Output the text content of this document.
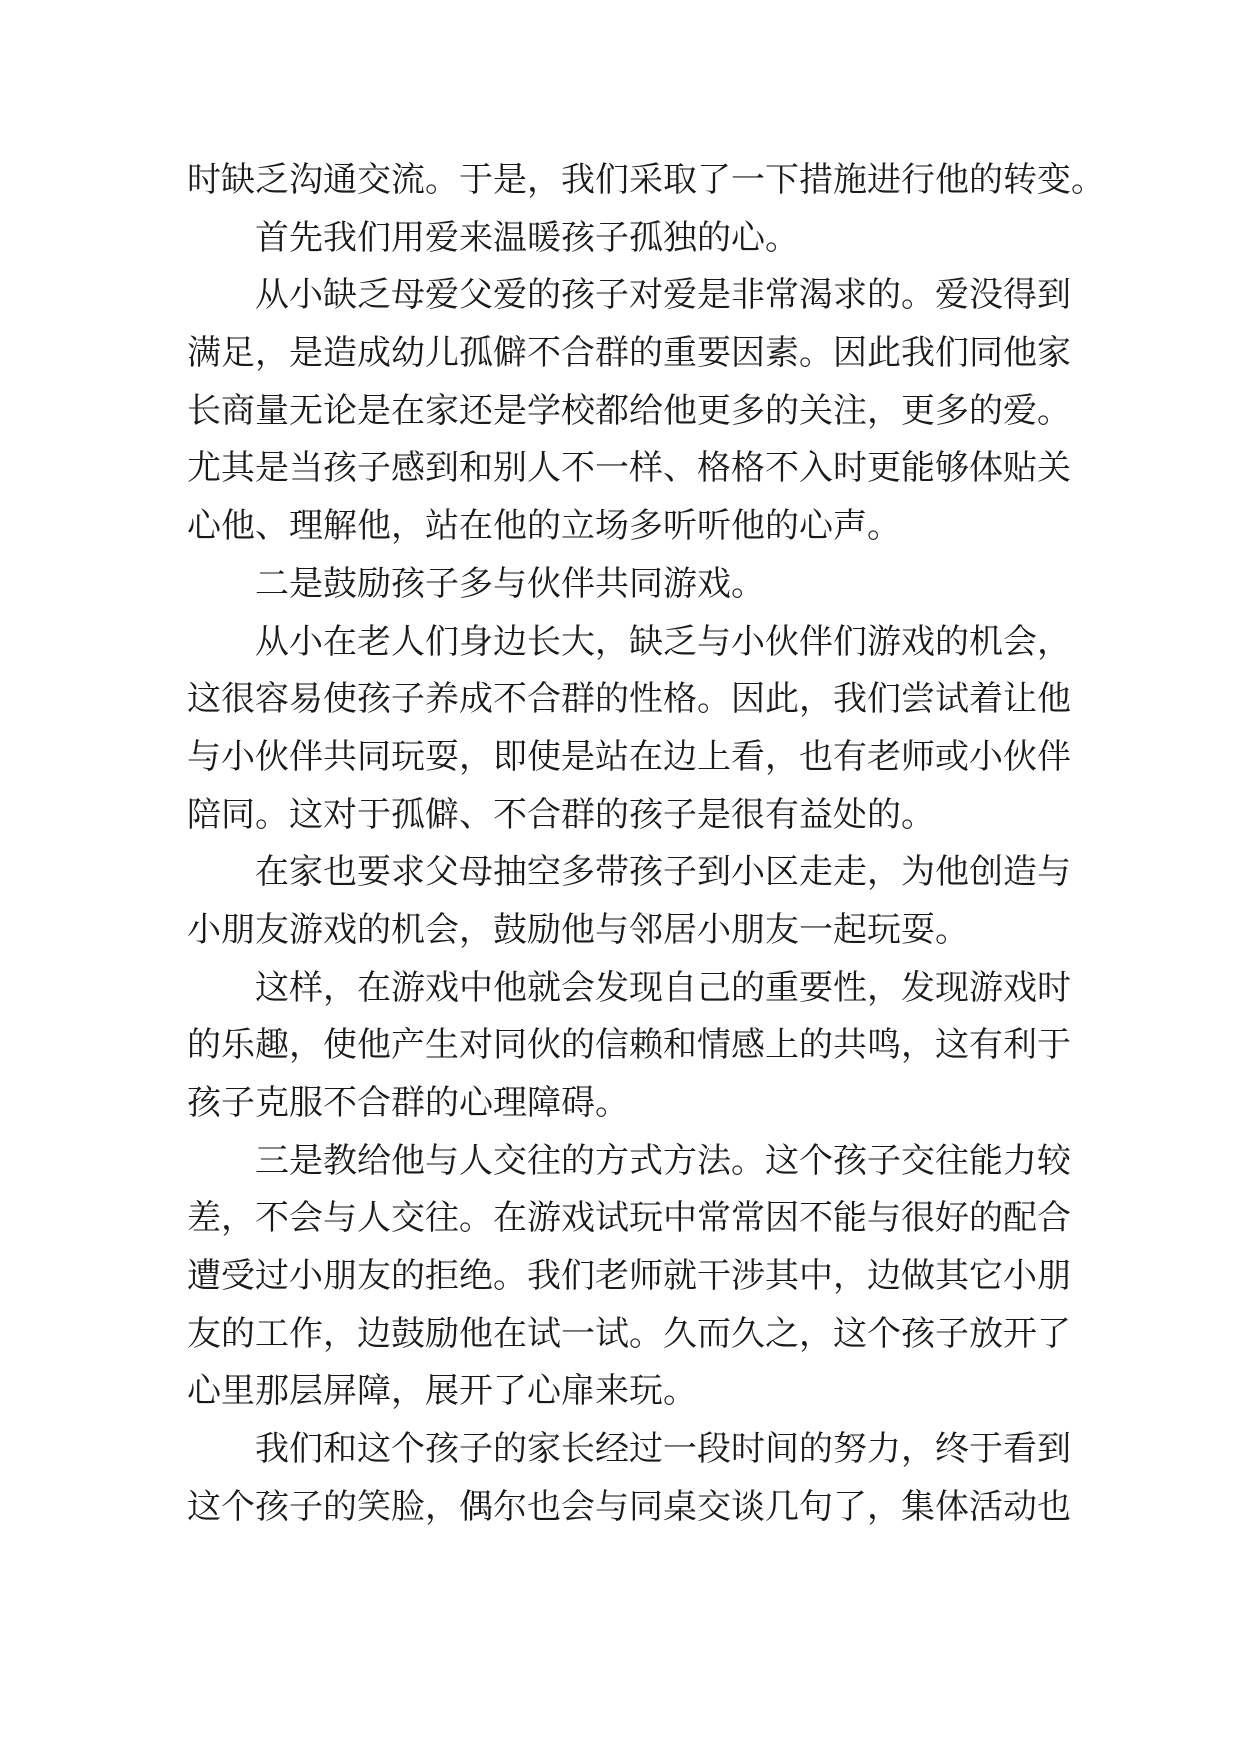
时缺乏沟通交流。于是，我们采取了一下措施进行他的转变。
首先我们用爱来温暖孩子孤独的心。
从小缺乏母爱父爱的孩子对爱是非常渴求的。爱没得到
满足，是造成幼儿孤僻不合群的重要因素。因此我们同他家
长商量无论是在家还是学校都给他更多的关注，更多的爱。
尤其是当孩子感到和别人不一样、格格不入时更能够体贴关
心他、理解他，站在他的立场多听听他的心声。
二是鼓励孩子多与伙伴共同游戏。
从小在老人们身边长大，缺乏与小伙伴们游戏的机会，
这很容易使孩子养成不合群的性格。因此，我们尝试着让他
与小伙伴共同玩耍，即使是站在边上看，也有老师或小伙伴
陪同。这对于孤僻、不合群的孩子是很有益处的。
在家也要求父母抽空多带孩子到小区走走，为他创造与
小朋友游戏的机会，鼓励他与邻居小朋友一起玩耍。
这样，在游戏中他就会发现自己的重要性，发现游戏时
的乐趣，使他产生对同伙的信赖和情感上的共鸣，这有利于
孩子克服不合群的心理障碍。
三是教给他与人交往的方式方法。这个孩子交往能力较
差，不会与人交往。在游戏试玩中常常因不能与很好的配合
遭受过小朋友的拒绝。我们老师就干涉其中，边做其它小朋
友的工作，边鼓励他在试一试。久而久之，这个孩子放开了
心里那层屏障，展开了心扉来玩。
我们和这个孩子的家长经过一段时间的努力，终于看到
这个孩子的笑脸，偶尔也会与同桌交谈几句了，集体活动也
